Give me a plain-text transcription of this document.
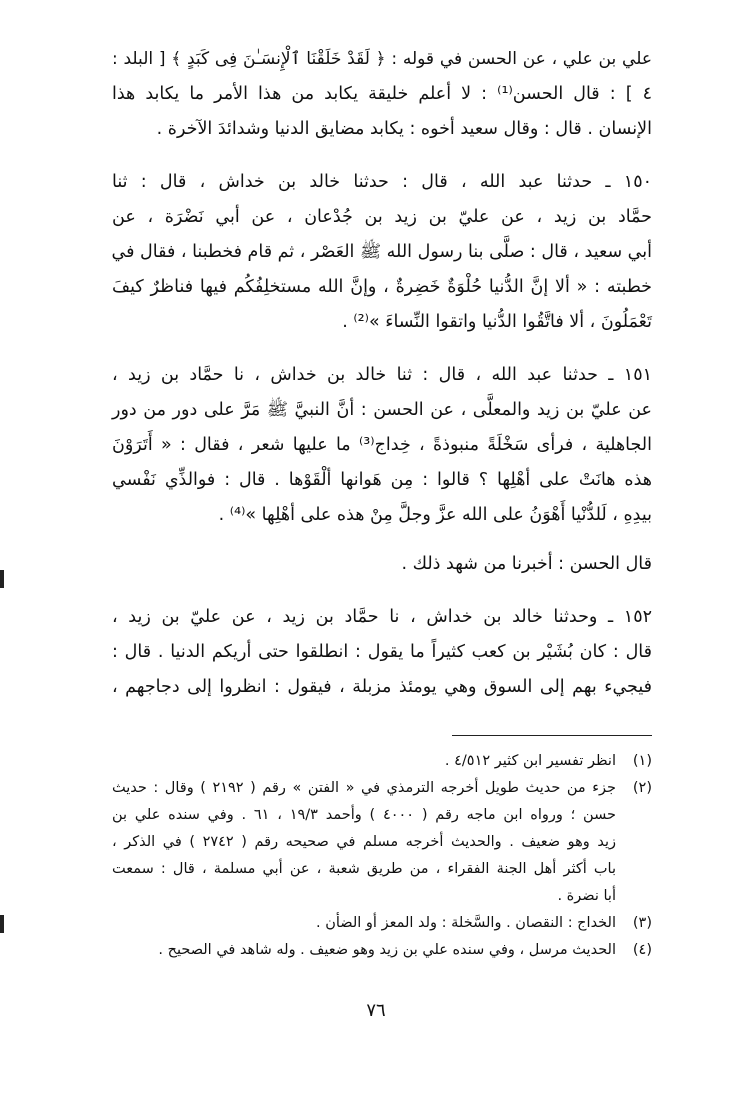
علي بن علي ، عن الحسن في قوله : ﴿ لَقَدْ خَلَقْنَا ٱلْإِنسَـٰنَ فِى كَبَدٍ ﴾ [ البلد :
٤ ] : قال الحسن⁽¹⁾ : لا أعلم خليقة يكابد من هذا الأمر ما يكابد هذا
الإنسان . قال : وقال سعيد أخوه : يكابد مضايق الدنيا وشدائدَ الآخرة .

١٥٠ ـ حدثنا عبد الله ، قال : حدثنا خالد بن خداش ، قال : ثنا
حمَّاد بن زيد ، عن عليّ بن زيد بن جُدْعان ، عن أبي نَضْرَة ، عن
أبي سعيد ، قال : صلَّى بنا رسول الله ﷺ العَصْر ، ثم قام فخطبنا ، فقال في
خطبته : « ألا إنَّ الدُّنيا حُلْوَةٌ خَضِرةٌ ، وإنَّ الله مستخلِفُكُم فيها فناظرٌ كيفَ
تَعْمَلُونَ ، ألا فاتَّقُوا الدُّنيا واتقوا النِّساءَ »⁽²⁾ .

١٥١ ـ حدثنا عبد الله ، قال : ثنا خالد بن خداش ، نا حمَّاد بن زيد ،
عن عليّ بن زيد والمعلَّى ، عن الحسن : أنَّ النبيَّ ﷺ مَرَّ على دور من دور
الجاهلية ، فرأى سَخْلَةً منبوذةً ، خِداج⁽³⁾ ما عليها شعر ، فقال : « أَتَرَوْنَ
هذه هانَتْ على أهْلِها ؟ قالوا : مِن هَوانها ألْقَوْها . قال : فوالذِّي نَفْسي
بيدِهِ ، لَلدُّنْيا أَهْوَنُ على الله عزَّ وجلَّ مِنْ هذه على أهْلِها »⁽⁴⁾ .

قال الحسن : أخبرنا من شهد ذلك .

١٥٢ ـ وحدثنا خالد بن خداش ، نا حمَّاد بن زيد ، عن عليّ بن زيد ،
قال : كان بُشَيْر بن كعب كثيراً ما يقول : انطلقوا حتى أريكم الدنيا . قال :
فيجيء بهم إلى السوق وهي يومئذ مزبلة ، فيقول : انظروا إلى دجاجهم ،

(١)
انظر تفسير ابن كثير ٤/٥١٢ .
(٢)
جزء من حديث طويل أخرجه الترمذي في « الفتن » رقم ( ٢١٩٢ ) وقال : حديث
حسن ؛ ورواه ابن ماجه رقم ( ٤٠٠٠ ) وأحمد ١٩/٣ ، ٦١ . وفي سنده علي بن
زيد وهو ضعيف . والحديث أخرجه مسلم في صحيحه رقم ( ٢٧٤٢ ) في الذكر ،
باب أكثر أهل الجنة الفقراء ، من طريق شعبة ، عن أبي مسلمة ، قال : سمعت
أبا نضرة .
(٣)
الخداج : النقصان . والسَّخلة : ولد المعز أو الضأن .
(٤)
الحديث مرسل ، وفي سنده علي بن زيد وهو ضعيف . وله شاهد في الصحيح .
٧٦
